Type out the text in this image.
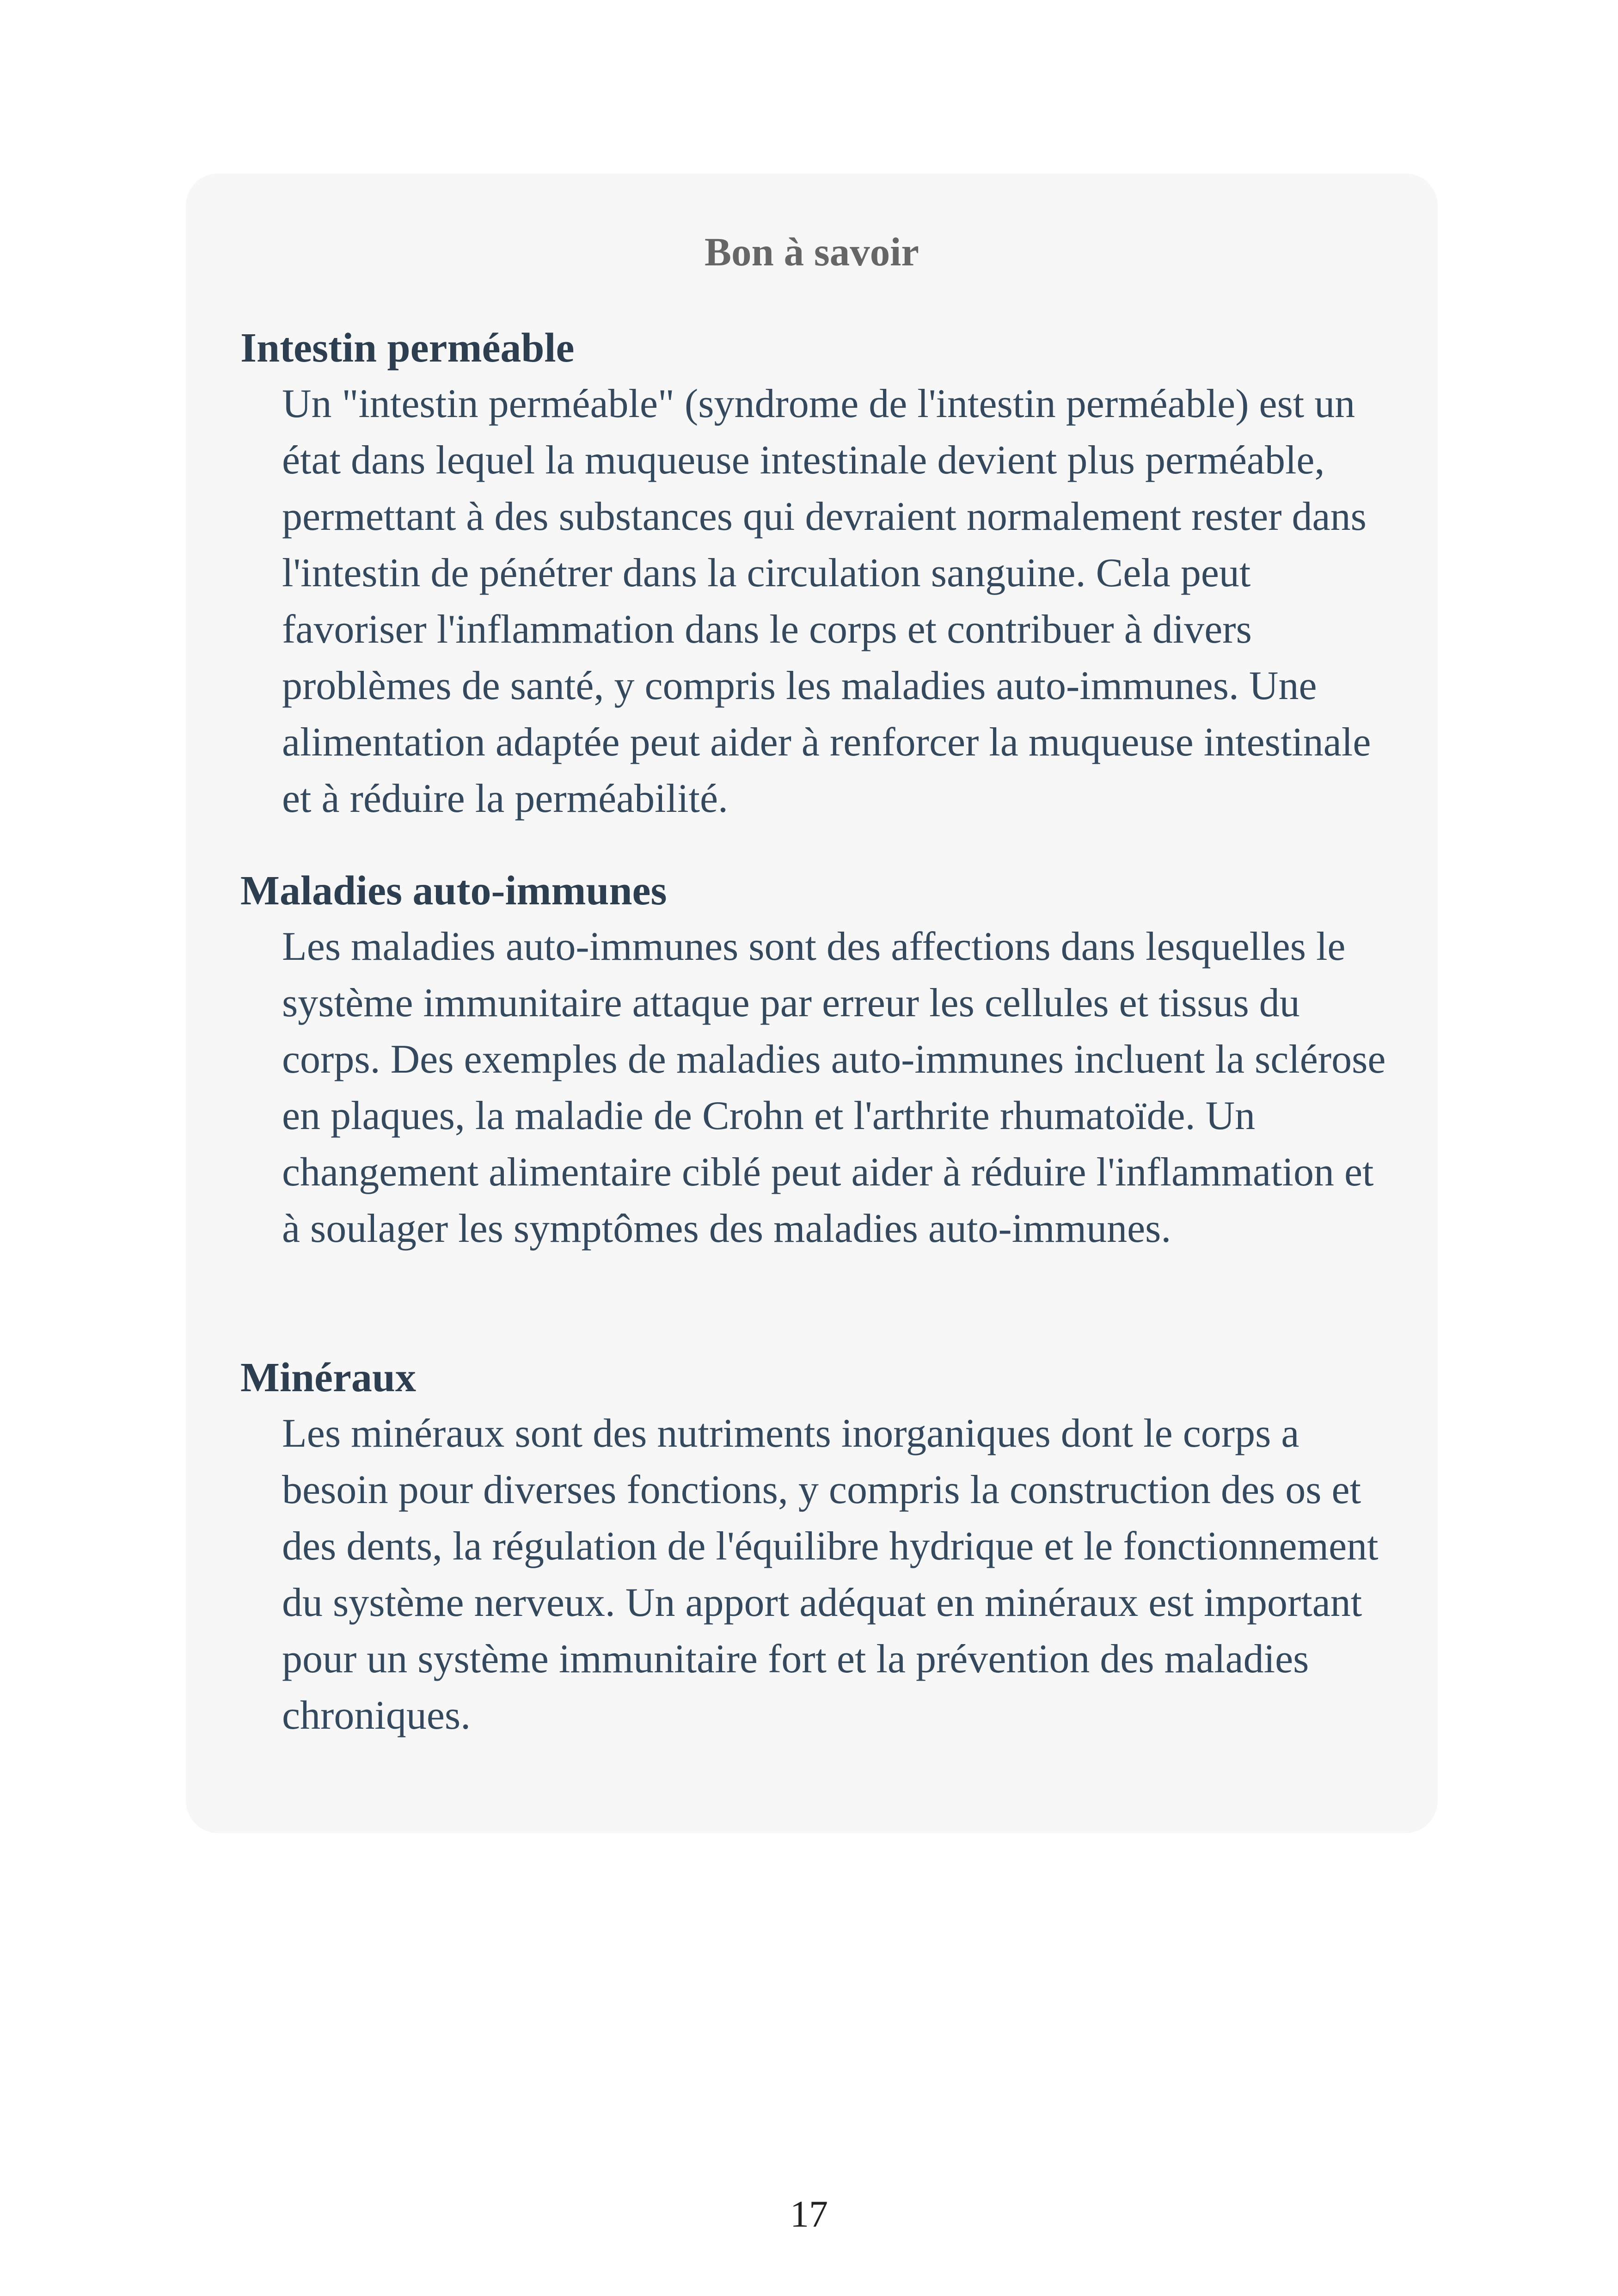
Bon à savoir

Intestin perméable

Un "intestin perméable" (syndrome de l'intestin perméable) est un état dans lequel la muqueuse intestinale devient plus perméable, permettant à des substances qui devraient normalement rester dans l'intestin de pénétrer dans la circulation sanguine. Cela peut favoriser l'inflammation dans le corps et contribuer à divers problèmes de santé, y compris les maladies auto-immunes. Une alimentation adaptée peut aider à renforcer la muqueuse intestinale et à réduire la perméabilité.

Maladies auto-immunes

Les maladies auto-immunes sont des affections dans lesquelles le système immunitaire attaque par erreur les cellules et tissus du corps. Des exemples de maladies auto-immunes incluent la sclérose en plaques, la maladie de Crohn et l'arthrite rhumatoïde. Un changement alimentaire ciblé peut aider à réduire l'inflammation et à soulager les symptômes des maladies auto-immunes.

Minéraux

Les minéraux sont des nutriments inorganiques dont le corps a besoin pour diverses fonctions, y compris la construction des os et des dents, la régulation de l'équilibre hydrique et le fonctionnement du système nerveux. Un apport adéquat en minéraux est important pour un système immunitaire fort et la prévention des maladies chroniques.

17
